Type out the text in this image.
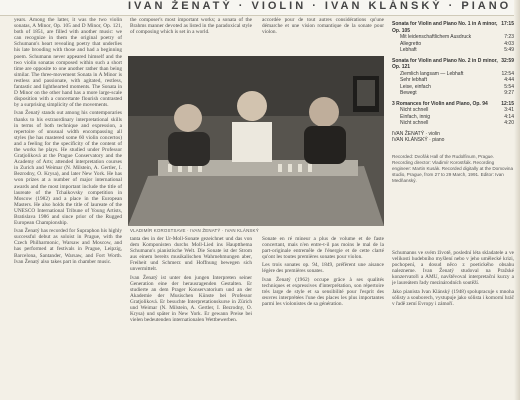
IVAN ŽENATÝ · VIOLIN · IVAN KLÁNSKÝ · PIANO

years. Among the latter, it was the two violin sonatas, A Minor, Op. 105 and D Minor, Op. 121, both of 1851, are filled with another music: we can recognize in them the original poetry of Schumann's heart revealing poetry that underlies his late brooding with those and had a beginning poem. Schumann never appeared himself and the two violin sonatas composed within such a short time are opposite to one another rather than being similar. The three-movement Sonata in A Minor is restless and passionate, with agitated, restless, fantastic and lighthearted moments. The Sonata in D Minor on the other hand has a more large-scale disposition with a concertante flourish contrasted by a surprising simplicity of the movements.

Ivan Ženatý stands out among his contemporaries thanks to his extraordinary interpretational skills in terms of both technique and expression, a repertoire of unusual width encompassing all styles (he has mastered some 60 violin concertos) and a feeling for the specificity of the content of the works he plays. He studied under Professor Gratjoliková at the Prague Conservatory and the Academy of Arts; attended interpretation courses in Zurich and Weimar (N. Milstein, A. Gertler, I. Bezrodny, O. Krysa), and later New York. He has won prizes at a number of major international awards and the most important include the title of laureate of the Tchaikovsky competition in Moscow (1982) and a place in the European Masters. He also holds the title of laureate of the UNESCO International Tribune of Young Artists, Bratislava 1986 and since prior of the Rugged European Championship.

Ivan Ženatý has recorded for Supraphon his highly successful debut as soloist in Prague, with the Czech Philharmonic, Warsaw and Moscow, and has performed at festivals in Prague, Leipzig, Barcelona, Santander, Warsaw, and Fort Worth. Ivan Ženatý also takes part in chamber music.

the composer's most important works; a sonata of the Brahms manner devoted as listed in the paradoxical style of composing which is set in a world.

accordée pour de tout autres considérations qu'une démarche et une vision romantique de la sonate pour violon.

VLADIMÍR KOROSTSAVE · IVAN ŽENATÝ · IVAN KLÁNSKÝ

tanta des in der Ur-Moll-Sonate gezeichnet und das von dem Komponisten durchs Moll-Lied ins Hauptthema Schumann's pianistische Welt. Die Sonate ist der Strom aus einem bereits musikalischen Wahrnehmungen aber, Freiheit und Schmerz und Hoffnung bewegen sich unvermittelt.

Ivan Ženatý ist unter den jungen Interpreten seiner Generation eine der herausragenden Gestalten. Er studierte an dem Prager Konservatorium und an der Akademie der Musischen Künste bei Professor Gratjoliková. Er besuchte Interpretationskurse in Zürich und Weimar (N. Milstein, A. Gertler, I. Bezrodny, O. Krysa) und später in New York. Er gewann Preise bei vielen bedeutenden internationalen Wettbewerben.

Sonate en ré mineur a plus de volume et de faste concertant, mais n'en entre-t-il pas moins le mal de la part-originale entremêle de l'énergie et de cette clarté qu'ont les toutes premières sonates pour violon.

Les trois sonates op. 94, 1849, préfèrent une aisance légère des premières sonates.

Ivan Ženatý (1962) occupe grâce à ses qualités techniques et expressives d'interprétation, son répertoire très large de style et sa sensibilité pour l'esprit des œuvres interprétées l'une des places les plus importantes parmi les violonistes de sa génération.

Sonata for Violin and Piano No. 1 in A minor, Op. 105
17:15
Mit leidenschaftlichem Ausdruck	7:23
Allegretto	4:03
Lebhaft	5:49
Sonata for Violin and Piano No. 2 in D minor, Op. 121
32:59
Ziemlich langsam — Lebhaft	12:54
Sehr lebhaft	4:44
Leise, einfach	5:54
Bewegt	9:27
3 Romances for Violin and Piano, Op. 94	12:15
Nicht schnell	3:41
Einfach, innig	4:14
Nicht schnell	4:20
IVAN ŽENATÝ · violin
IVAN KLÁNSKÝ · piano
Recorded: Dvořák Hall of the Rudolfinum, Prague. Recording director: Vladimír Korostšák. Recording engineer: Martin Kusák. Recorded digitally at the Domovina studio, Prague, from 27 to 29 March, 1991. Editor: Ivan Medňanský.

Schumanns ve svém životě, poslední léta skladatele a ve velikosti hudebního myšlení nebo v jeho umělecké krizi, pochopení, a dosud něco z poetického obsahu nalezneme. Ivan Ženatý studoval na Pražské konzervatoři a AMU, navštěvoval interpretační kurzy a je laureátem řady mezinárodních soutěží.

Jako pianista Ivan Klánský (1948) spolupracuje s mnoha sólisty a souborech, vystupuje jako sólista i komorní hráč v řadě zemí Evropy i zámoří.
